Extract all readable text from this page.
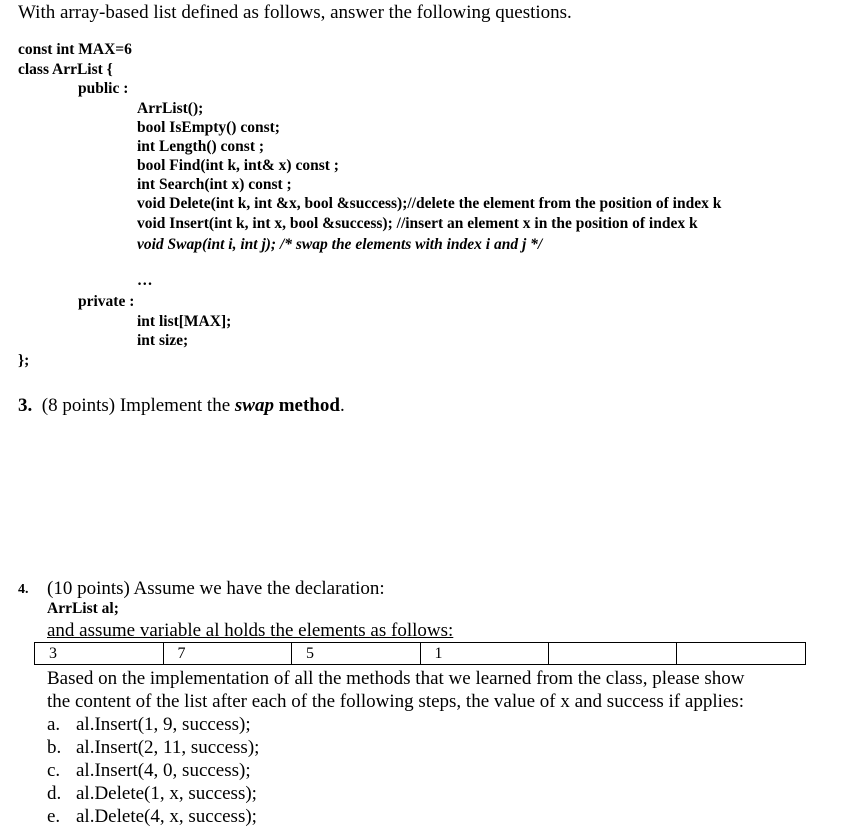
With array-based list defined as follows, answer the following questions.
const int MAX=6
class ArrList {
public :
ArrList();
bool IsEmpty() const;
int Length() const ;
bool Find(int k, int& x) const ;
int Search(int x) const ;
void Delete(int k, int &x, bool &success);//delete the element from the position of index k
void Insert(int k, int x, bool &success); //insert an element x in the position of index k
void Swap(int i, int j); /* swap the elements with index i and j */
…
private :
int list[MAX];
int size;
};
3. (8 points) Implement the swap method.
4. (10 points) Assume we have the declaration:
ArrList al;
and assume variable al holds the elements as follows:
3	7	5	1		
Based on the implementation of all the methods that we learned from the class, please show
the content of the list after each of the following steps, the value of x and success if applies:
a. al.Insert(1, 9, success);
b. al.Insert(2, 11, success);
c. al.Insert(4, 0, success);
d. al.Delete(1, x, success);
e. al.Delete(4, x, success);
